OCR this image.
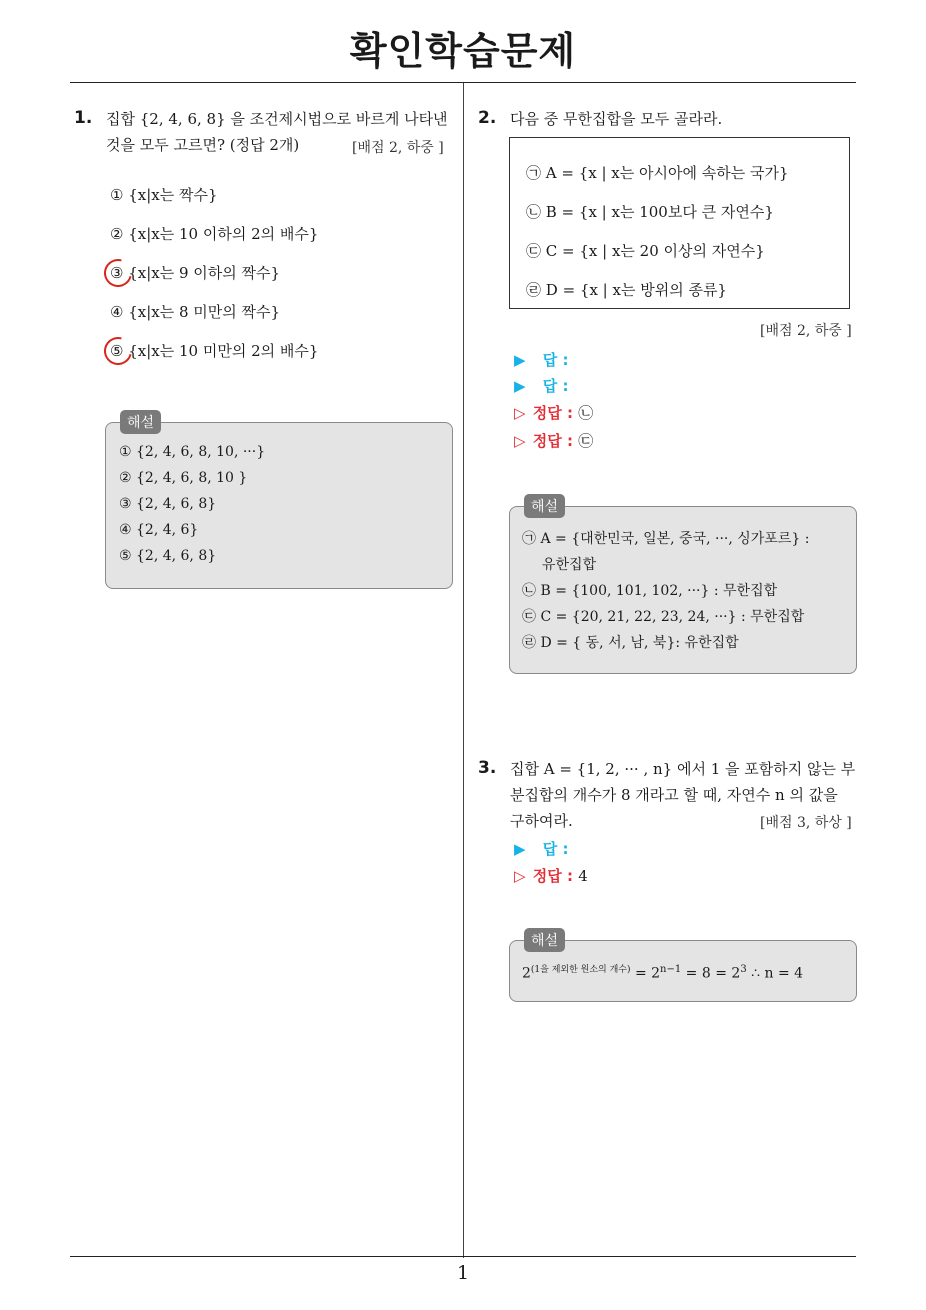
확인학습문제
1
1. 집합 {2, 4, 6, 8} 을 조건제시법으로 바르게 나타낸
것을 모두 고르면? (정답 2개)	[배점 2, 하중 ]
① {x|x는 짝수}
② {x|x는 10 이하의 2의 배수}
③ {x|x는 9 이하의 짝수}
④ {x|x는 8 미만의 짝수}
⑤ {x|x는 10 미만의 2의 배수}
해설
① {2, 4, 6, 8, 10, ···}
② {2, 4, 6, 8, 10 }
③ {2, 4, 6, 8}
④ {2, 4, 6}
⑤ {2, 4, 6, 8}
2. 다음 중 무한집합을 모두 골라라.
㉠ A = {x | x는 아시아에 속하는 국가}
㉡ B = {x | x는 100보다 큰 자연수}
㉢ C = {x | x는 20 이상의 자연수}
㉣ D = {x | x는 방위의 종류}
[배점 2, 하중 ]
▶ 답 :
▶ 답 :
▷ 정답 : ㉡
▷ 정답 : ㉢
해설
㉠ A = {대한민국, 일본, 중국, ···, 싱가포르} :
유한집합
㉡ B = {100, 101, 102, ···} : 무한집합
㉢ C = {20, 21, 22, 23, 24, ···} : 무한집합
㉣ D = { 동, 서, 남, 북}: 유한집합
3. 집합 A = {1, 2, ··· , n} 에서 1 을 포함하지 않는 부
분집합의 개수가 8 개라고 할 때, 자연수 n 의 값을
구하여라.	[배점 3, 하상 ]
▶ 답 :
▷ 정답 : 4
해설
$2^{(1을 제외한 원소의 개수)} = 2^{n-1} = 8 = 2^3$ ∴ n = 4
